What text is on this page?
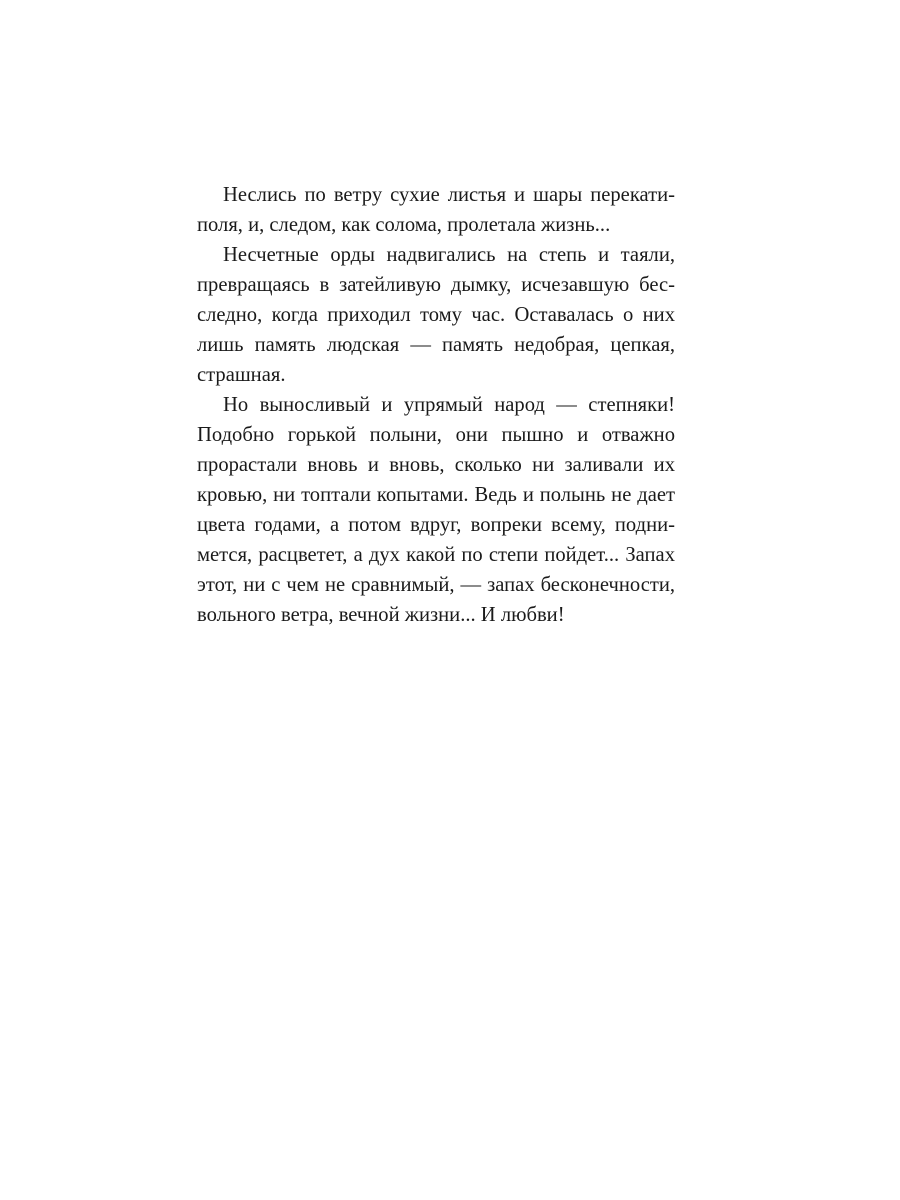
Неслись по ветру сухие листья и шары перекати-
поля, и, следом, как солома, пролетала жизнь...
Несчетные орды надвигались на степь и таяли,
превращаясь в затейливую дымку, исчезавшую бес-
следно, когда приходил тому час. Оставалась о них
лишь память людская — память недобрая, цепкая,
страшная.
Но выносливый и упрямый народ — степняки!
Подобно горькой полыни, они пышно и отважно
прорастали вновь и вновь, сколько ни заливали их
кровью, ни топтали копытами. Ведь и полынь не дает
цвета годами, а потом вдруг, вопреки всему, подни-
мется, расцветет, а дух какой по степи пойдет... Запах
этот, ни с чем не сравнимый, — запах бесконечности,
вольного ветра, вечной жизни... И любви!
